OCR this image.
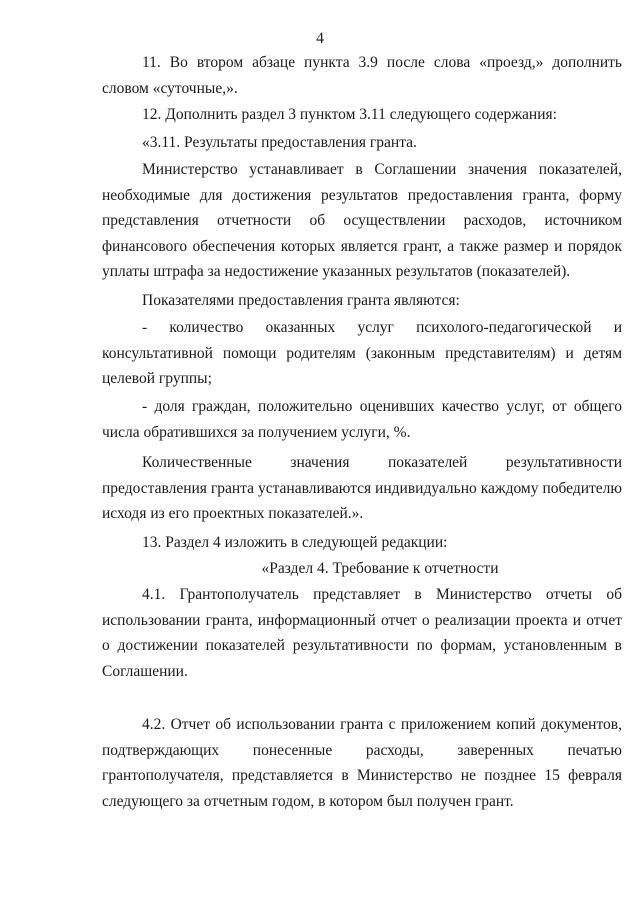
4

11. Во втором абзаце пункта 3.9 после слова «проезд,» дополнить словом «суточные,».

12. Дополнить раздел 3 пунктом 3.11 следующего содержания:

«3.11. Результаты предоставления гранта.

Министерство устанавливает в Соглашении значения показателей, необходимые для достижения результатов предоставления гранта, форму представления отчетности об осуществлении расходов, источником финансового обеспечения которых является грант, а также размер и порядок уплаты штрафа за недостижение указанных результатов (показателей).

Показателями предоставления гранта являются:

- количество оказанных услуг психолого-педагогической и консультативной помощи родителям (законным представителям) и детям целевой группы;

- доля граждан, положительно оценивших качество услуг, от общего числа обратившихся за получением услуги, %.

Количественные значения показателей результативности предоставления гранта устанавливаются индивидуально каждому победителю исходя из его проектных показателей.».

13. Раздел 4 изложить в следующей редакции:

«Раздел 4. Требование к отчетности

4.1. Грантополучатель представляет в Министерство отчеты об использовании гранта, информационный отчет о реализации проекта и отчет о достижении показателей результативности по формам, установленным в Соглашении.

4.2. Отчет об использовании гранта с приложением копий документов, подтверждающих понесенные расходы, заверенных печатью грантополучателя, представляется в Министерство не позднее 15 февраля следующего за отчетным годом, в котором был получен грант.
